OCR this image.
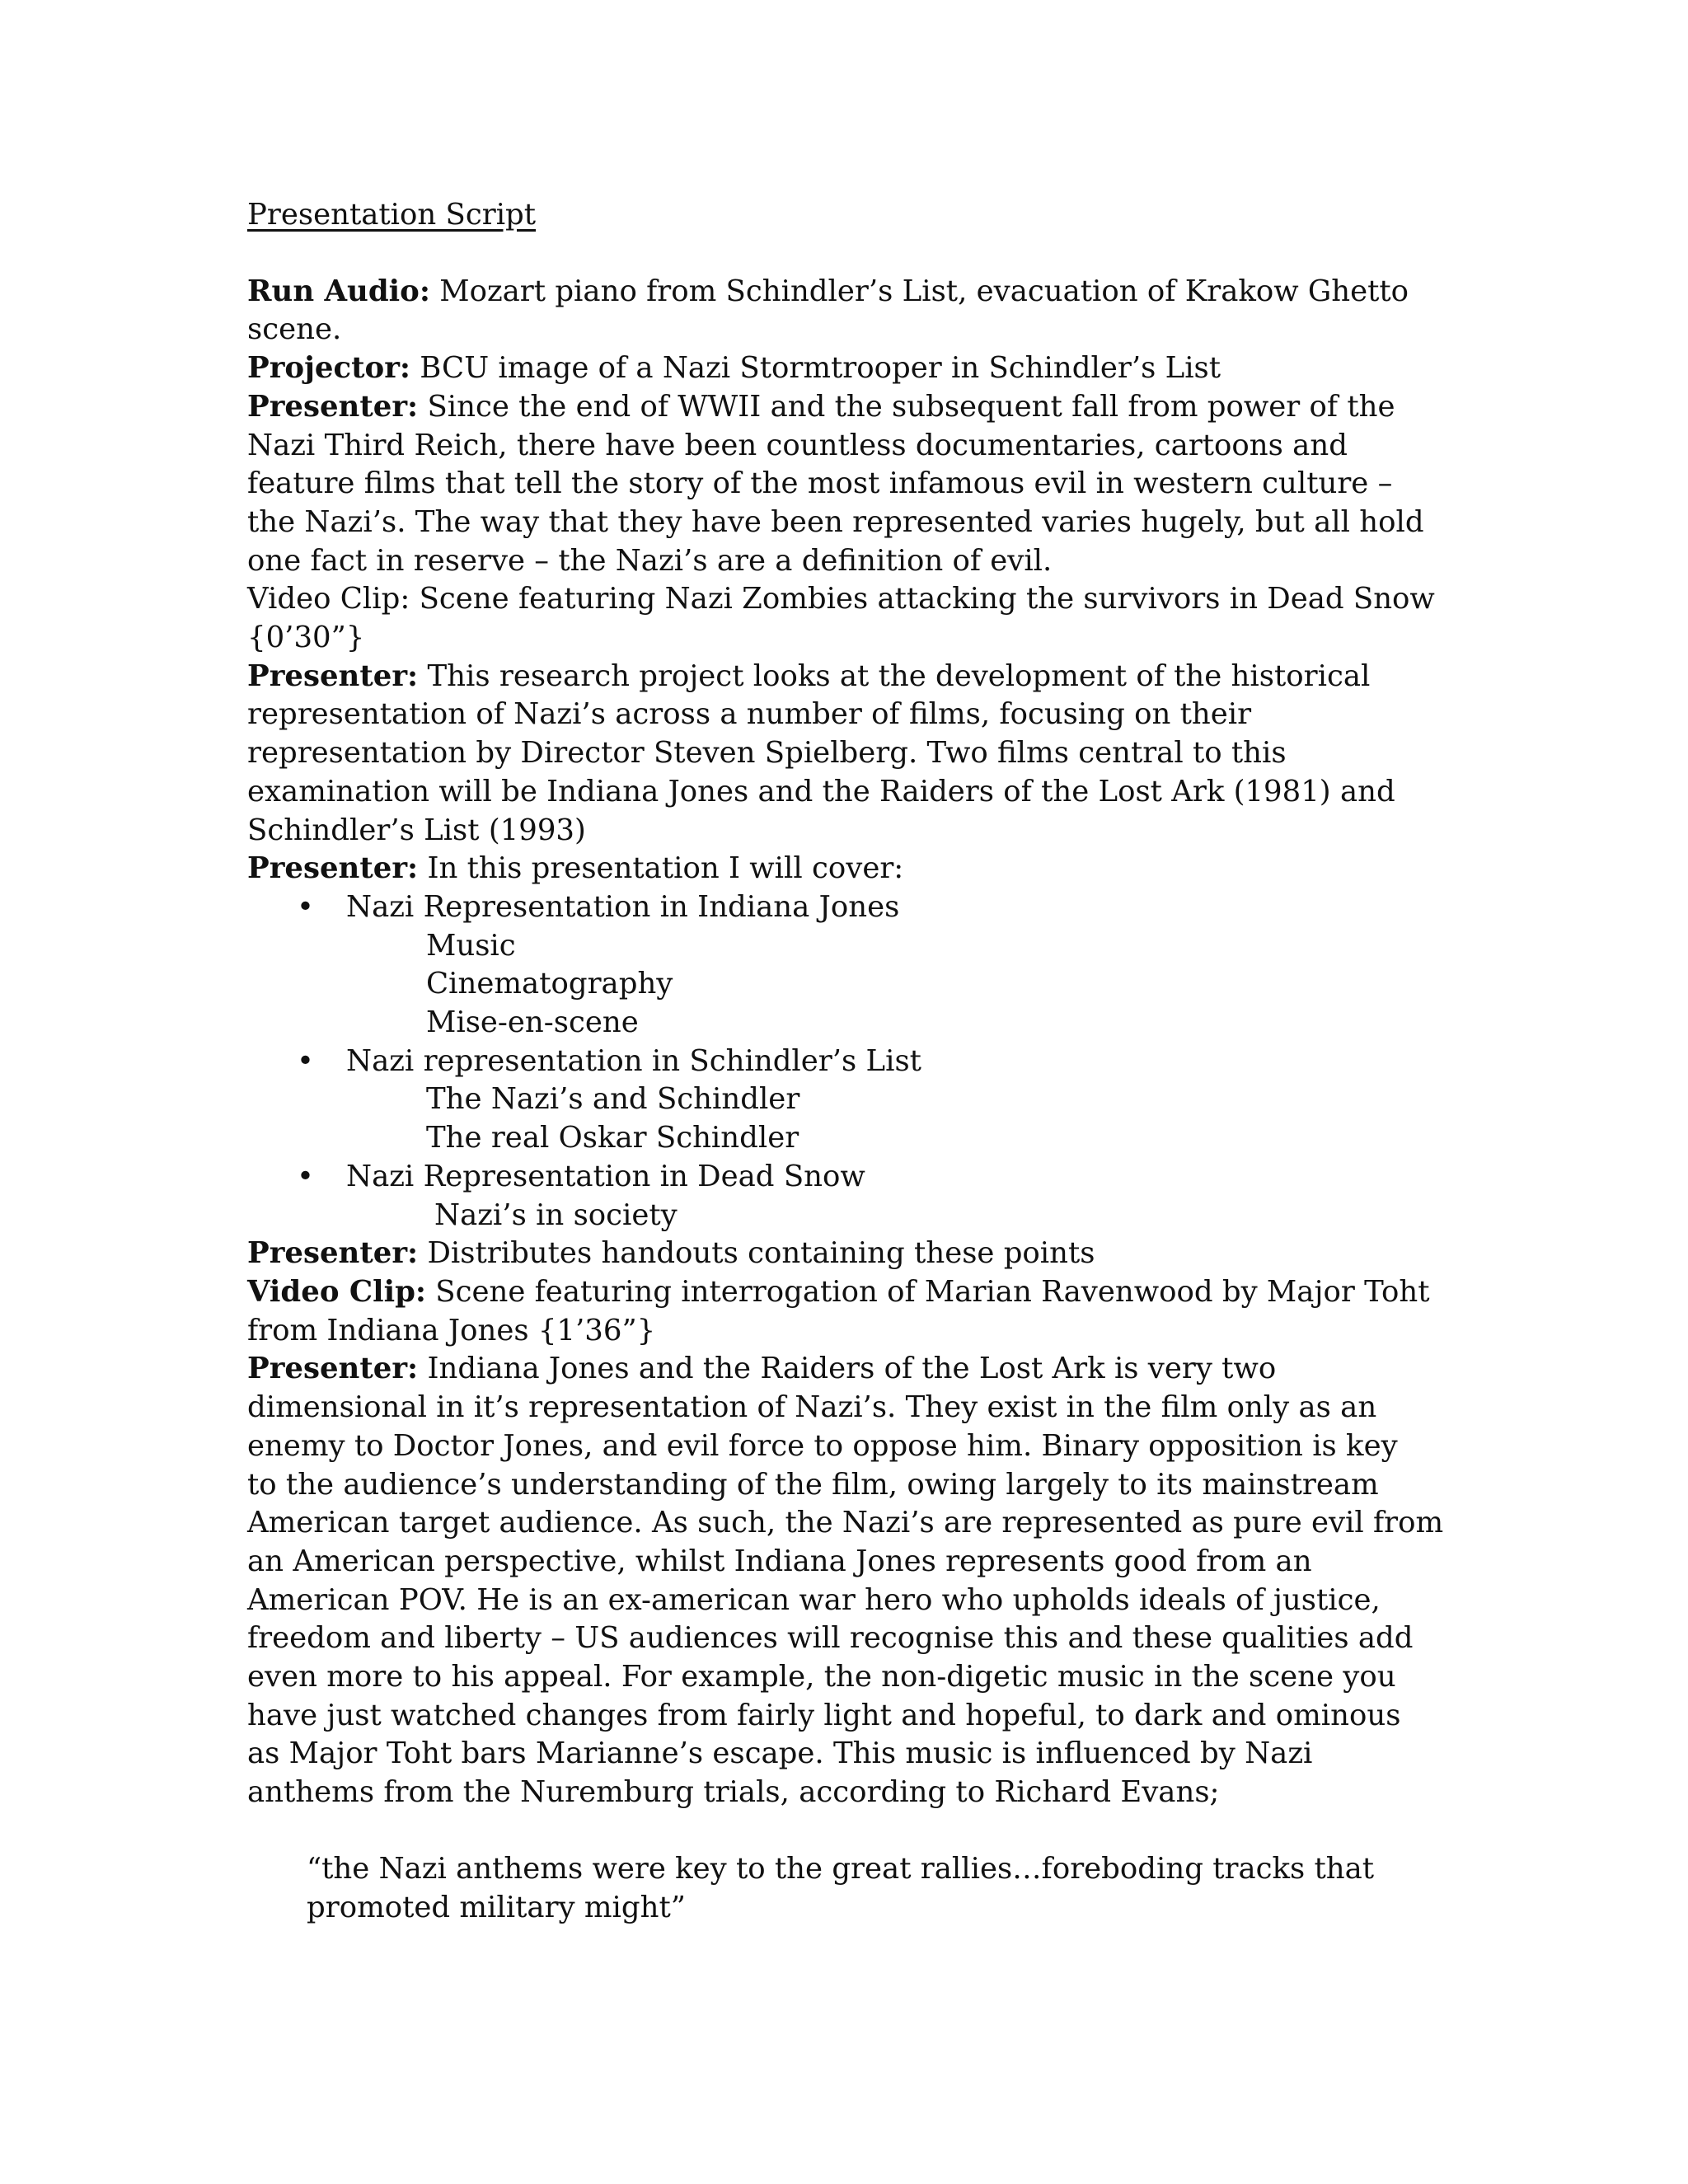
Presentation Script
Run Audio: Mozart piano from Schindler’s List, evacuation of Krakow Ghetto
scene.
Projector: BCU image of a Nazi Stormtrooper in Schindler’s List
Presenter: Since the end of WWII and the subsequent fall from power of the
Nazi Third Reich, there have been countless documentaries, cartoons and
feature films that tell the story of the most infamous evil in western culture –
the Nazi’s. The way that they have been represented varies hugely, but all hold
one fact in reserve – the Nazi’s are a definition of evil.
Video Clip: Scene featuring Nazi Zombies attacking the survivors in Dead Snow
{0’30”}
Presenter: This research project looks at the development of the historical
representation of Nazi’s across a number of films, focusing on their
representation by Director Steven Spielberg. Two films central to this
examination will be Indiana Jones and the Raiders of the Lost Ark (1981) and
Schindler’s List (1993)
Presenter: In this presentation I will cover:
• Nazi Representation in Indiana Jones
Music
Cinematography
Mise-en-scene
• Nazi representation in Schindler’s List
The Nazi’s and Schindler
The real Oskar Schindler
• Nazi Representation in Dead Snow
Nazi’s in society
Presenter: Distributes handouts containing these points
Video Clip: Scene featuring interrogation of Marian Ravenwood by Major Toht
from Indiana Jones {1’36”}
Presenter: Indiana Jones and the Raiders of the Lost Ark is very two
dimensional in it’s representation of Nazi’s. They exist in the film only as an
enemy to Doctor Jones, and evil force to oppose him. Binary opposition is key
to the audience’s understanding of the film, owing largely to its mainstream
American target audience. As such, the Nazi’s are represented as pure evil from
an American perspective, whilst Indiana Jones represents good from an
American POV. He is an ex-american war hero who upholds ideals of justice,
freedom and liberty – US audiences will recognise this and these qualities add
even more to his appeal. For example, the non-digetic music in the scene you
have just watched changes from fairly light and hopeful, to dark and ominous
as Major Toht bars Marianne’s escape. This music is influenced by Nazi
anthems from the Nuremburg trials, according to Richard Evans;
“the Nazi anthems were key to the great rallies…foreboding tracks that
promoted military might”
